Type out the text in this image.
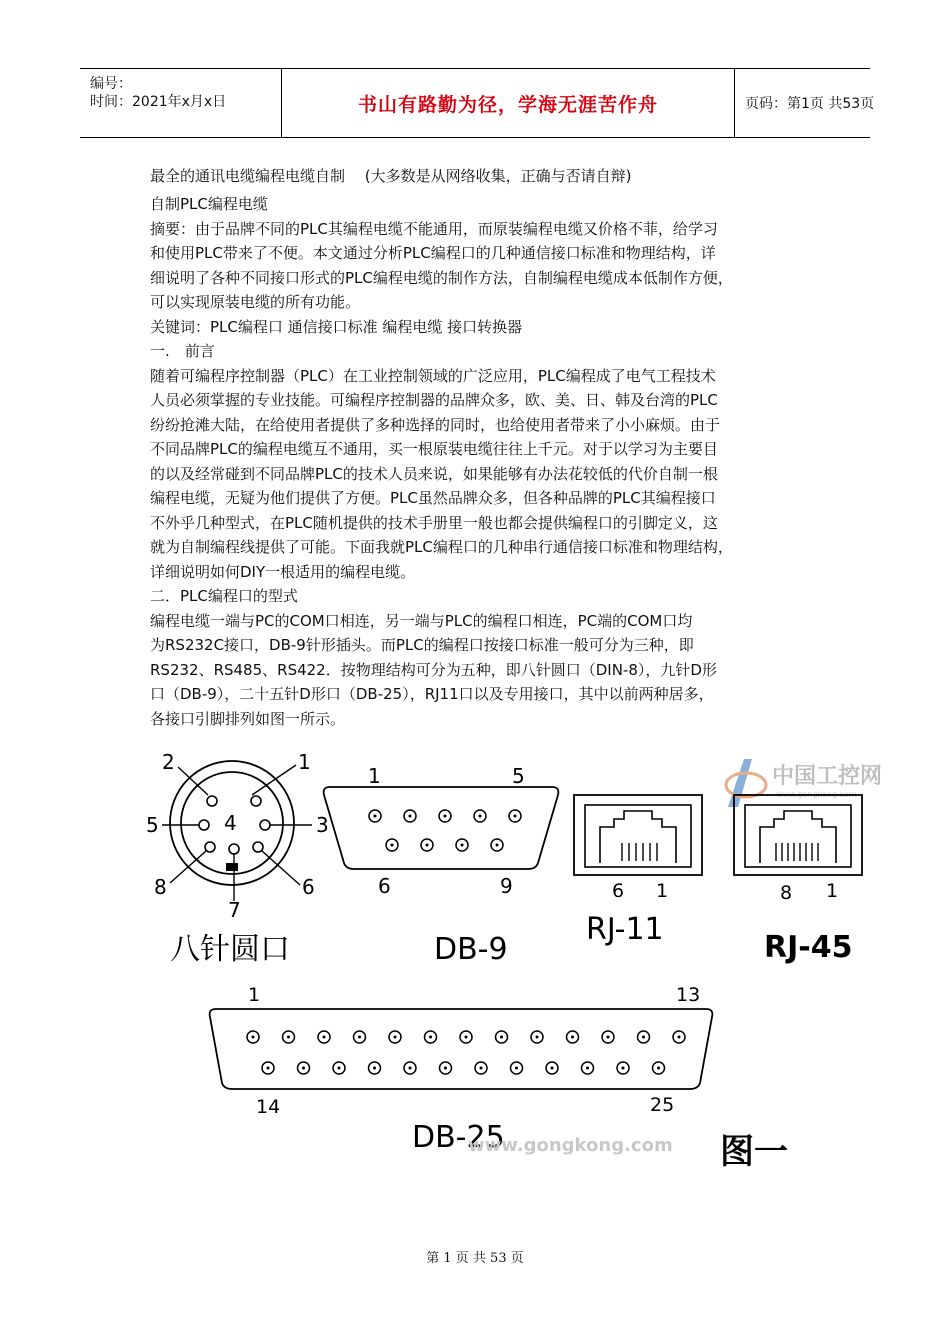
编号：
时间：2021年x月x日	书山有路勤为径，学海无涯苦作舟	页码：第1页 共53页
最全的通讯电缆编程电缆自制　 (大多数是从网络收集，正确与否请自辩)
自制PLC编程电缆
摘要：由于品牌不同的PLC其编程电缆不能通用，而原装编程电缆又价格不菲，给学习
和使用PLC带来了不便。本文通过分析PLC编程口的几种通信接口标准和物理结构，详
细说明了各种不同接口形式的PLC编程电缆的制作方法，自制编程电缆成本低制作方便，
可以实现原装电缆的所有功能。
关键词：PLC编程口 通信接口标准 编程电缆 接口转换器
一.　前言
随着可编程序控制器（PLC）在工业控制领域的广泛应用，PLC编程成了电气工程技术
人员必须掌握的专业技能。可编程序控制器的品牌众多，欧、美、日、韩及台湾的PLC
纷纷抢滩大陆，在给使用者提供了多种选择的同时，也给使用者带来了小小麻烦。由于
不同品牌PLC的编程电缆互不通用，买一根原装电缆往往上千元。对于以学习为主要目
的以及经常碰到不同品牌PLC的技术人员来说，如果能够有办法花较低的代价自制一根
编程电缆，无疑为他们提供了方便。PLC虽然品牌众多，但各种品牌的PLC其编程接口
不外乎几种型式，在PLC随机提供的技术手册里一般也都会提供编程口的引脚定义，这
就为自制编程线提供了可能。下面我就PLC编程口的几种串行通信接口标准和物理结构，
详细说明如何DIY一根适用的编程电缆。
二．PLC编程口的型式
编程电缆一端与PC的COM口相连，另一端与PLC的编程口相连，PC端的COM口均
为RS232C接口，DB-9针形插头。而PLC的编程口按接口标准一般可分为三种，即
RS232、RS485、RS422．按物理结构可分为五种，即八针圆口（DIN-8），九针D形
口（DB-9），二十五针D形口（DB-25），RJ11口以及专用接口，其中以前两种居多，
各接口引脚排列如图一所示。
中国工控网
www.gongkong.com
1
2
3
4
5
6
7
8
八针圆口
1	5
6	9
DB-9
6 1
RJ-11
8 1
RJ-45
1	13
14	25
DB-25
www.gongkong.com 图一
第 1 页 共 53 页
